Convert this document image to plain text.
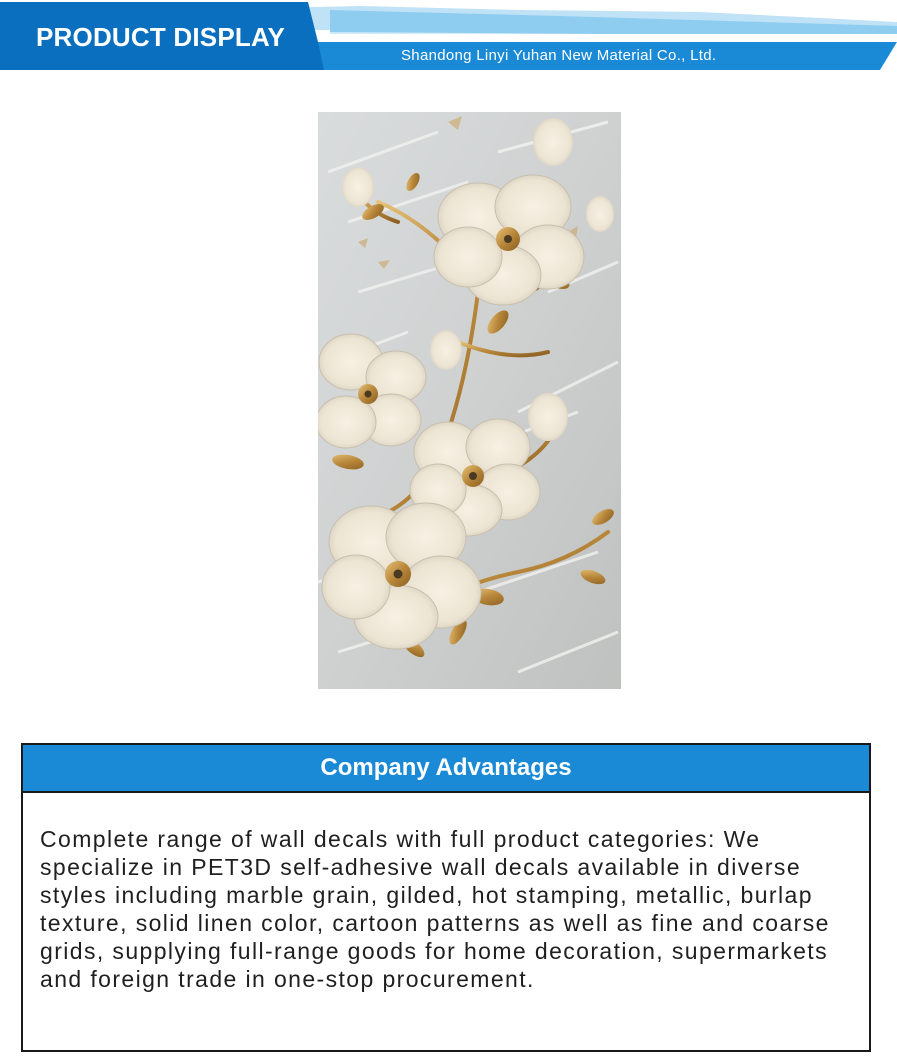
PRODUCT DISPLAY
Shandong Linyi Yuhan New Material Co., Ltd.
Company Advantages

Complete range of wall decals with full product categories: We specialize in PET3D self-adhesive wall decals available in diverse styles including marble grain, gilded, hot stamping, metallic, burlap texture, solid linen color, cartoon patterns as well as fine and coarse grids, supplying full-range goods for home decoration, supermarkets and foreign trade in one-stop procurement.
